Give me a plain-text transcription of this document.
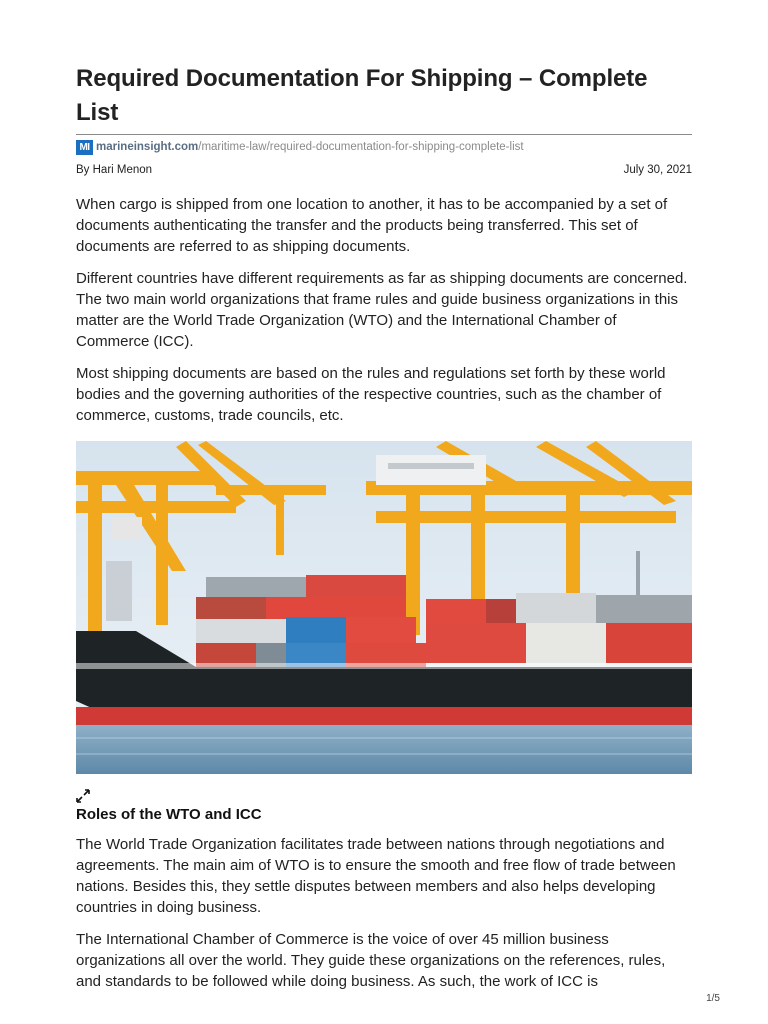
Required Documentation For Shipping – Complete List
MI marineinsight.com /maritime-law/required-documentation-for-shipping-complete-list
By Hari Menon	July 30, 2021

When cargo is shipped from one location to another, it has to be accompanied by a set of documents authenticating the transfer and the products being transferred. This set of documents are referred to as shipping documents.

Different countries have different requirements as far as shipping documents are concerned. The two main world organizations that frame rules and guide business organizations in this matter are the World Trade Organization (WTO) and the International Chamber of Commerce (ICC).

Most shipping documents are based on the rules and regulations set forth by these world bodies and the governing authorities of the respective countries, such as the chamber of commerce, customs, trade councils, etc.

Roles of the WTO and ICC

The World Trade Organization facilitates trade between nations through negotiations and agreements. The main aim of WTO is to ensure the smooth and free flow of trade between nations. Besides this, they settle disputes between members and also helps developing countries in doing business.

The International Chamber of Commerce is the voice of over 45 million business organizations all over the world. They guide these organizations on the references, rules, and standards to be followed while doing business. As such, the work of ICC is

1/5
